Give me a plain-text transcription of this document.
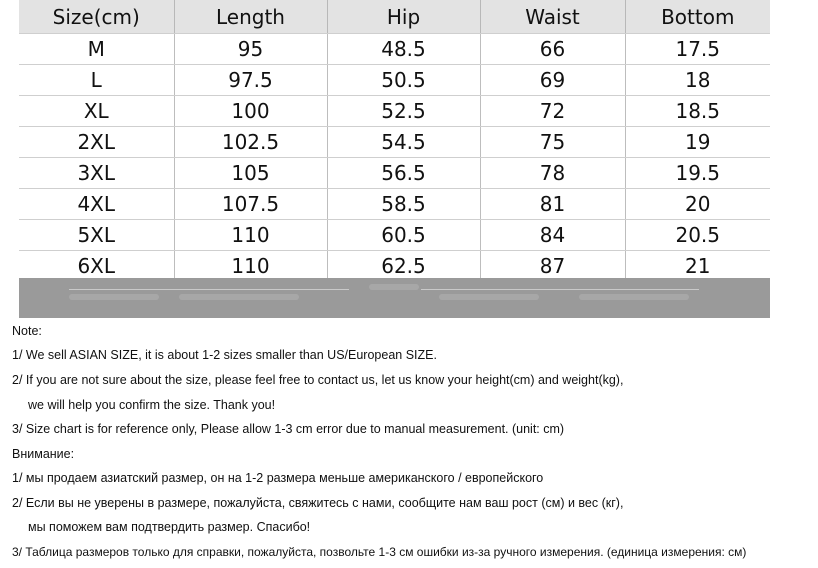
Size(cm)	Length	Hip	Waist	Bottom
M	95	48.5	66	17.5
L	97.5	50.5	69	18
XL	100	52.5	72	18.5
2XL	102.5	54.5	75	19
3XL	105	56.5	78	19.5
4XL	107.5	58.5	81	20
5XL	110	60.5	84	20.5
6XL	110	62.5	87	21
Note:
1/ We sell ASIAN SIZE, it is about 1-2 sizes smaller than US/European SIZE.
2/ If you are not sure about the size, please feel free to contact us, let us know your height(cm) and weight(kg),
we will help you confirm the size. Thank you!
3/ Size chart is for reference only, Please allow 1-3 cm error due to manual measurement. (unit: cm)
Внимание:
1/ мы продаем азиатский размер, он на 1-2 размера меньше американского / европейского
2/ Если вы не уверены в размере, пожалуйста, свяжитесь с нами, сообщите нам ваш рост (см) и вес (кг),
мы поможем вам подтвердить размер. Спасибо!
3/ Таблица размеров только для справки, пожалуйста, позвольте 1-3 см ошибки из-за ручного измерения. (единица измерения: см)
